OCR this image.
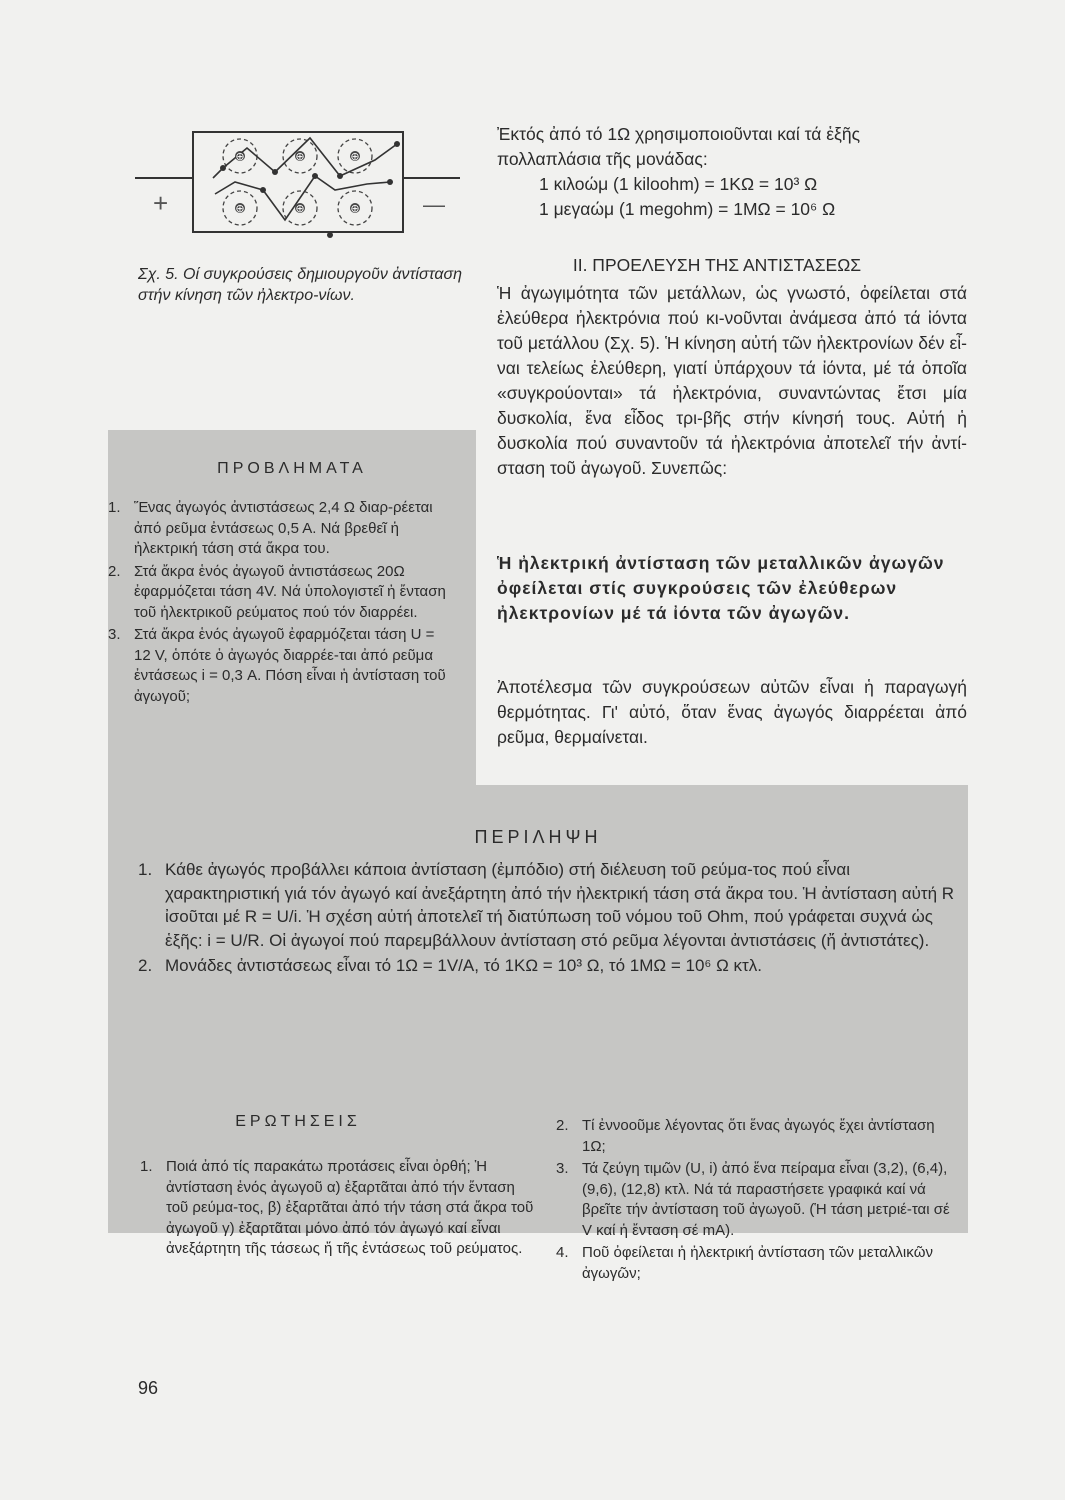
+	—
⊕	⊕	⊕
⊕	⊕	⊕
Σχ. 5. Οί συγκρούσεις δημιουργοῦν ἀντίσταση στήν κίνηση τῶν ἠλεκτρο-νίων.

Ἐκτός ἀπό τό 1Ω χρησιμοποιοῦνται καί τά ἑξῆς πολλαπλάσια τῆς μονάδας:

1 κιλοώμ (1 kiloohm) = 1ΚΩ = 10³ Ω

1 μεγαώμ (1 megohm) = 1ΜΩ = 10⁶ Ω

II. ΠΡΟΕΛΕΥΣΗ ΤΗΣ ΑΝΤΙΣΤΑΣΕΩΣ
Ἡ ἀγωγιμότητα τῶν μετάλλων, ὡς γνωστό, ὀφείλεται στά ἐλεύθερα ἠλεκτρόνια πού κι-νοῦνται ἀνάμεσα ἀπό τά ἰόντα τοῦ μετάλλου (Σχ. 5). Ἡ κίνηση αὐτή τῶν ἠλεκτρονίων δέν εἶ-ναι τελείως ἐλεύθερη, γιατί ὑπάρχουν τά ἰόντα, μέ τά ὁποῖα «συγκρούονται» τά ἠλεκτρόνια, συναντώντας ἔτσι μία δυσκολία, ἕνα εἶδος τρι-βῆς στήν κίνησή τους. Αὐτή ἡ δυσκολία πού συναντοῦν τά ἠλεκτρόνια ἀποτελεῖ τήν ἀντί-σταση τοῦ ἀγωγοῦ. Συνεπῶς:
Ἡ ἠλεκτρική ἀντίσταση τῶν μεταλλικῶν ἀγωγῶν ὀφείλεται στίς συγκρούσεις τῶν ἐλεύθερων ἠλεκτρονίων μέ τά ἰόντα τῶν ἀγωγῶν.
Ἀποτέλεσμα τῶν συγκρούσεων αὐτῶν εἶναι ἡ παραγωγή θερμότητας. Γι' αὐτό, ὅταν ἕνας ἀγωγός διαρρέεται ἀπό ρεῦμα, θερμαίνεται.
ΠΡΟΒΛΗΜΑΤΑ
1. Ἕνας ἀγωγός ἀντιστάσεως 2,4 Ω διαρ-ρέεται ἀπό ρεῦμα ἐντάσεως 0,5 Α. Νά βρεθεῖ ἡ ἠλεκτρική τάση στά ἄκρα του.
2. Στά ἄκρα ἑνός ἀγωγοῦ ἀντιστάσεως 20Ω ἐφαρμόζεται τάση 4V. Νά ὑπολογιστεῖ ἡ ἔνταση τοῦ ἠλεκτρικοῦ ρεύματος πού τόν διαρρέει.
3. Στά ἄκρα ἑνός ἀγωγοῦ ἐφαρμόζεται τάση U = 12 V, ὁπότε ὁ ἀγωγός διαρρέε-ται ἀπό ρεῦμα ἐντάσεως i = 0,3 Α. Πόση εἶναι ἡ ἀντίσταση τοῦ ἀγωγοῦ;
ΠΕΡΙΛΗΨΗ
1. Κάθε ἀγωγός προβάλλει κάποια ἀντίσταση (ἐμπόδιο) στή διέλευση τοῦ ρεύμα-τος πού εἶναι χαρακτηριστική γιά τόν ἀγωγό καί ἀνεξάρτητη ἀπό τήν ἠλεκτρική τάση στά ἄκρα του. Ἡ ἀντίσταση αὐτή R ἰσοῦται μέ R = U/i. Ἡ σχέση αὐτή ἀποτελεῖ τή διατύπωση τοῦ νόμου τοῦ Ohm, πού γράφεται συχνά ὡς ἑξῆς: i = U/R. Οἱ ἀγωγοί πού παρεμβάλλουν ἀντίσταση στό ρεῦμα λέγονται ἀντιστάσεις (ἤ ἀντιστάτες).
2. Μονάδες ἀντιστάσεως εἶναι τό 1Ω = 1V/A, τό 1ΚΩ = 10³ Ω, τό 1ΜΩ = 10⁶ Ω κτλ.
ΕΡΩΤΗΣΕΙΣ
1. Ποιά ἀπό τίς παρακάτω προτάσεις εἶναι ὀρθή; Ἡ ἀντίσταση ἑνός ἀγωγοῦ α) ἐξαρτᾶται ἀπό τήν ἔνταση τοῦ ρεύμα-τος, β) ἐξαρτᾶται ἀπό τήν τάση στά ἄκρα τοῦ ἀγωγοῦ γ) ἐξαρτᾶται μόνο ἀπό τόν ἀγωγό καί εἶναι ἀνεξάρτητη τῆς τάσεως ἤ τῆς ἐντάσεως τοῦ ρεύματος.
2. Τί ἐννοοῦμε λέγοντας ὅτι ἕνας ἀγωγός ἔχει ἀντίσταση 1Ω;
3. Τά ζεύγη τιμῶν (U, i) ἀπό ἕνα πείραμα εἶναι (3,2), (6,4), (9,6), (12,8) κτλ. Νά τά παραστήσετε γραφικά καί νά βρεῖτε τήν ἀντίσταση τοῦ ἀγωγοῦ. (Ἡ τάση μετριέ-ται σέ V καί ἡ ἔνταση σέ mA).
4. Ποῦ ὀφείλεται ἡ ἠλεκτρική ἀντίσταση τῶν μεταλλικῶν ἀγωγῶν;
96
